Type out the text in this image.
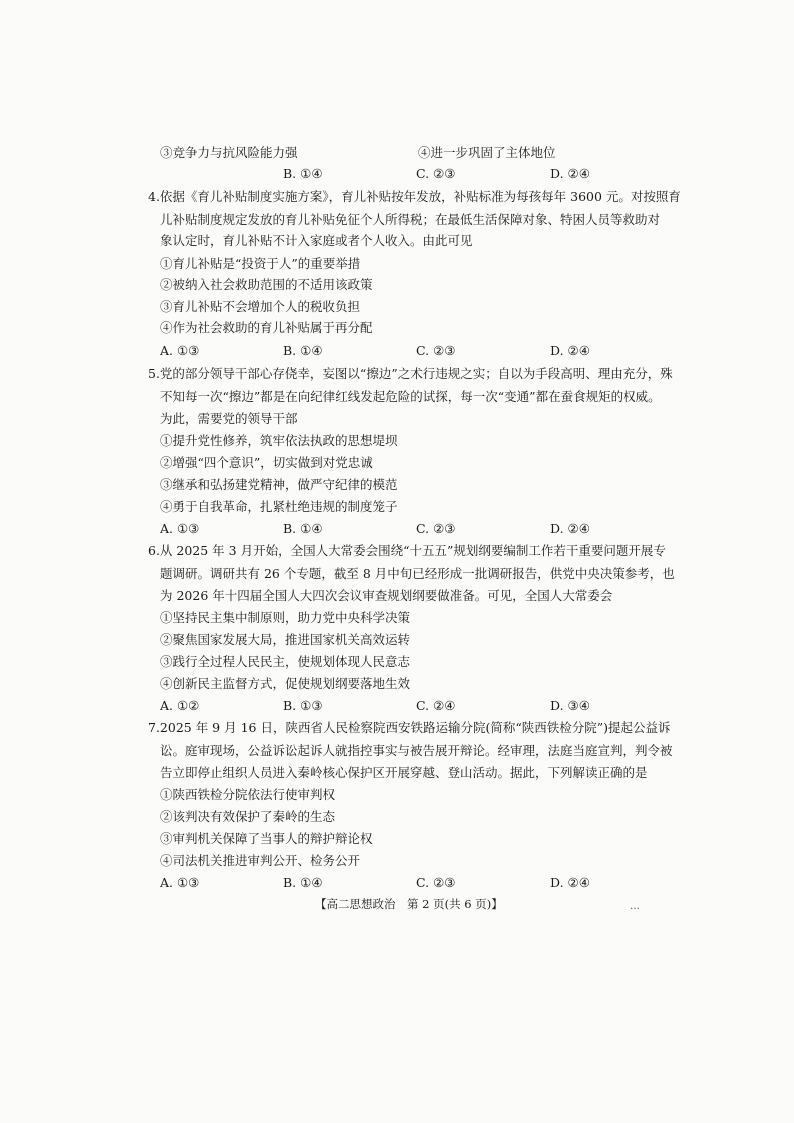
③竞争力与抗风险能力强	④进一步巩固了主体地位
B. ①④	C. ②③	D. ②④
4.依据《育儿补贴制度实施方案》，育儿补贴按年发放，补贴标准为每孩每年 3600 元。对按照育
儿补贴制度规定发放的育儿补贴免征个人所得税；在最低生活保障对象、特困人员等救助对
象认定时，育儿补贴不计入家庭或者个人收入。由此可见
①育儿补贴是“投资于人”的重要举措
②被纳入社会救助范围的不适用该政策
③育儿补贴不会增加个人的税收负担
④作为社会救助的育儿补贴属于再分配
A. ①③	B. ①④	C. ②③	D. ②④
5.党的部分领导干部心存侥幸，妄图以“擦边”之术行违规之实；自以为手段高明、理由充分，殊
不知每一次“擦边”都是在向纪律红线发起危险的试探，每一次“变通”都在蚕食规矩的权威。
为此，需要党的领导干部
①提升党性修养，筑牢依法执政的思想堤坝
②增强“四个意识”，切实做到对党忠诚
③继承和弘扬建党精神，做严守纪律的模范
④勇于自我革命，扎紧杜绝违规的制度笼子
A. ①③	B. ①④	C. ②③	D. ②④
6.从 2025 年 3 月开始，全国人大常委会围绕“十五五”规划纲要编制工作若干重要问题开展专
题调研。调研共有 26 个专题，截至 8 月中旬已经形成一批调研报告，供党中央决策参考，也
为 2026 年十四届全国人大四次会议审查规划纲要做准备。可见，全国人大常委会
①坚持民主集中制原则，助力党中央科学决策
②聚焦国家发展大局，推进国家机关高效运转
③践行全过程人民民主，使规划体现人民意志
④创新民主监督方式，促使规划纲要落地生效
A. ①②	B. ①③	C. ②④	D. ③④
7.2025 年 9 月 16 日，陕西省人民检察院西安铁路运输分院(简称“陕西铁检分院”)提起公益诉
讼。庭审现场，公益诉讼起诉人就指控事实与被告展开辩论。经审理，法庭当庭宣判，判令被
告立即停止组织人员进入秦岭核心保护区开展穿越、登山活动。据此，下列解读正确的是
①陕西铁检分院依法行使审判权
②该判决有效保护了秦岭的生态
③审判机关保障了当事人的辩护辩论权
④司法机关推进审判公开、检务公开
A. ①③	B. ①④	C. ②③	D. ②④
【高二思想政治　第 2 页(共 6 页)】	…
